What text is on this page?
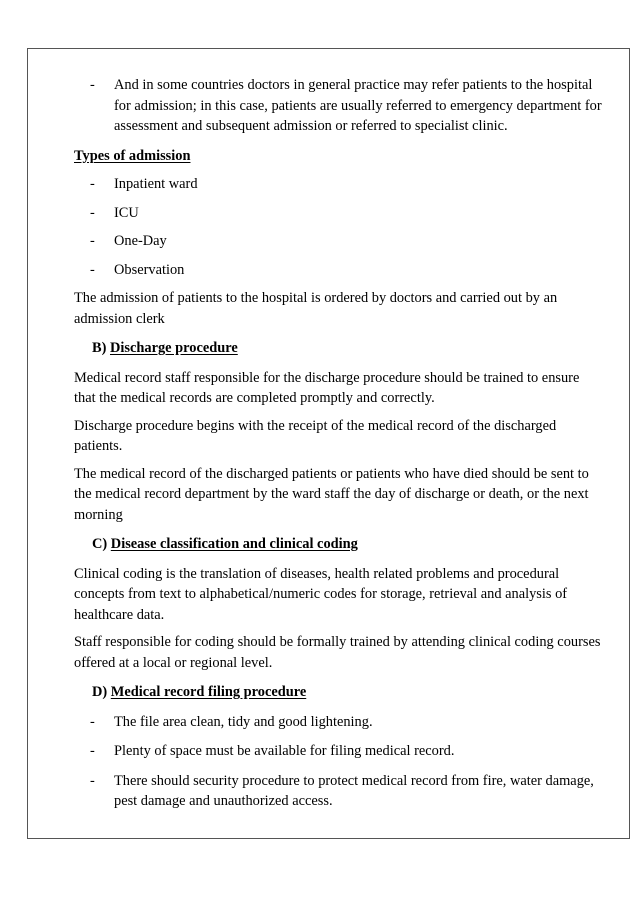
- And in some countries doctors in general practice may refer patients to the hospital
for admission; in this case, patients are usually referred to emergency department for
assessment and subsequent admission or referred to specialist clinic.

Types of admission

- Inpatient ward
- ICU
- One-Day
- Observation

The admission of patients to the hospital is ordered by doctors and carried out by an
admission clerk

B) Discharge procedure

Medical record staff responsible for the discharge procedure should be trained to ensure
that the medical records are completed promptly and correctly.

Discharge procedure begins with the receipt of the medical record of the discharged
patients.

The medical record of the discharged patients or patients who have died should be sent to
the medical record department by the ward staff the day of discharge or death, or the next
morning

C) Disease classification and clinical coding

Clinical coding is the translation of diseases, health related problems and procedural
concepts from text to alphabetical/numeric codes for storage, retrieval and analysis of
healthcare data.

Staff responsible for coding should be formally trained by attending clinical coding courses
offered at a local or regional level.

D) Medical record filing procedure

- The file area clean, tidy and good lightening.
- Plenty of space must be available for filing medical record.
- There should security procedure to protect medical record from fire, water damage,
pest damage and unauthorized access.
